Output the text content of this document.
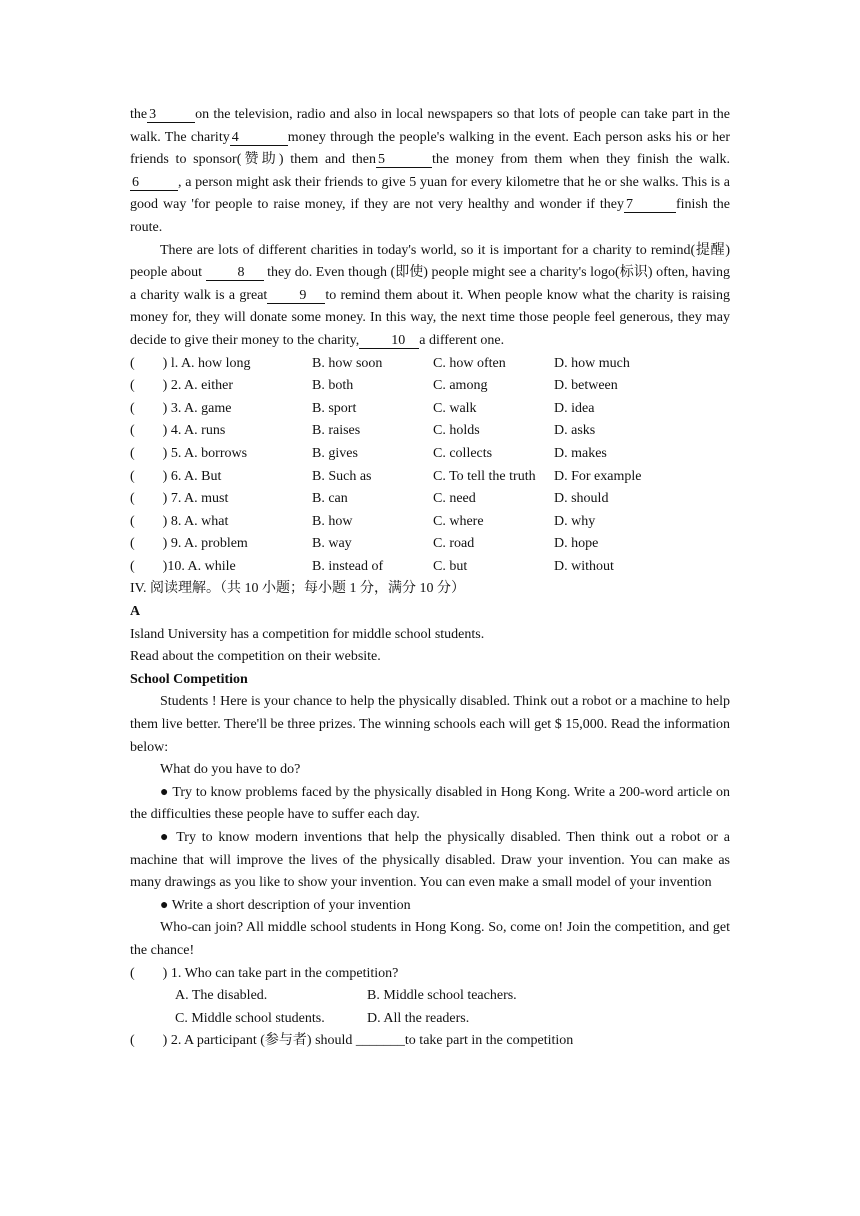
the 3	on the television, radio and also in local newspapers so that lots of people can take part in the walk. The charity 4	money through the people's walking in the event. Each person asks his or her friends to sponsor(赞助) them and then 5	the money from them when they finish the walk. 6	, a person might ask their friends to give 5 yuan for every kilometre that he or she walks. This is a good way 'for people to raise money, if they are not very healthy and wonder if they 7	finish the route.

There are lots of different charities in today's world, so it is important for a charity to remind(提醒) people about	8 they do. Even though (即使) people might see a charity's logo(标识) often, having a charity walk is a great 9 to remind them about it. When people know what the charity is raising money for, they will donate some money. In this way, the next time those people feel generous, they may decide to give their money to the charity, 10 a different one.

(　　) l. A. how long	B. how soon	C. how often	D. how much
(　　) 2. A. either	B. both	C. among	D. between
(　　) 3. A. game	B. sport	C. walk	D. idea
(　　) 4. A. runs	B. raises	C. holds	D. asks
(　　) 5. A. borrows	B. gives	C. collects	D. makes
(　　) 6. A. But	B. Such as	C. To tell the truth	D. For example
(　　) 7. A. must	B. can	C. need	D. should
(　　) 8. A. what	B. how	C. where	D. why
(　　) 9. A. problem	B. way	C. road	D. hope
(　　)10. A. while	B. instead of	C. but	D. without

IV. 阅读理解。（共 10 小题；每小题 1 分，满分 10 分）

A

Island University has a competition for middle school students.

Read about the competition on their website.

School Competition

Students ! Here is your chance to help the physically disabled. Think out a robot or a machine to help them live better. There'll be three prizes. The winning schools each will get $ 15,000. Read the information below:

What do you have to do?

● Try to know problems faced by the physically disabled in Hong Kong. Write a 200-word article on the difficulties these people have to suffer each day.

● Try to know modern inventions that help the physically disabled. Then think out a robot or a machine that will improve the lives of the physically disabled. Draw your invention. You can make as many drawings as you like to show your invention. You can even make a small model of your invention

● Write a short description of your invention

Who-can join? All middle school students in Hong Kong. So, come on! Join the competition, and get the chance!

(　　) 1. Who can take part in the competition?

A. The disabled.	B. Middle school teachers.
C. Middle school students.	D. All the readers.

(　　) 2. A participant (参与者) should _______to take part in the competition
